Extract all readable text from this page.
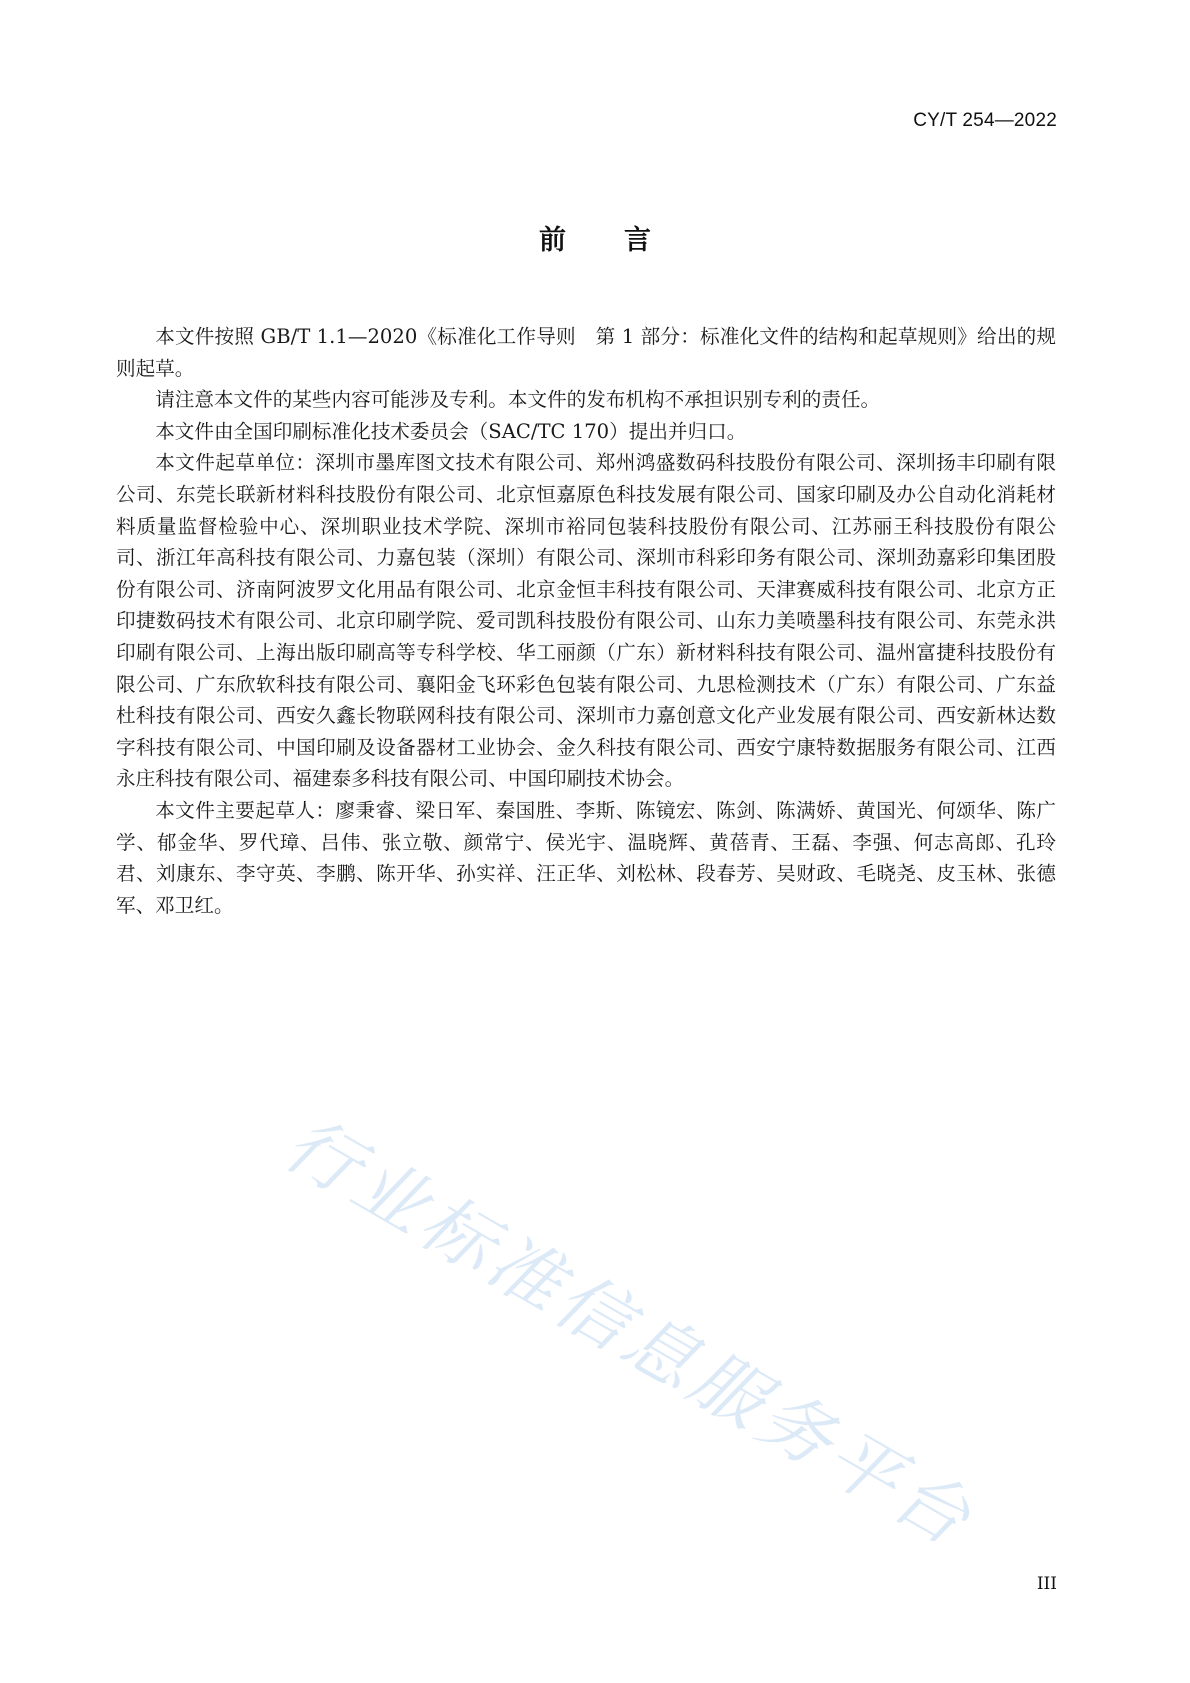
CY/T 254—2022
前言

本文件按照 GB/T 1.1—2020《标准化工作导则　第 1 部分：标准化文件的结构和起草规则》给出的规则起草。

请注意本文件的某些内容可能涉及专利。本文件的发布机构不承担识别专利的责任。

本文件由全国印刷标准化技术委员会（SAC/TC 170）提出并归口。

本文件起草单位：深圳市墨库图文技术有限公司、郑州鸿盛数码科技股份有限公司、深圳扬丰印刷有限公司、东莞长联新材料科技股份有限公司、北京恒嘉原色科技发展有限公司、国家印刷及办公自动化消耗材料质量监督检验中心、深圳职业技术学院、深圳市裕同包装科技股份有限公司、江苏丽王科技股份有限公司、浙江年高科技有限公司、力嘉包装（深圳）有限公司、深圳市科彩印务有限公司、深圳劲嘉彩印集团股份有限公司、济南阿波罗文化用品有限公司、北京金恒丰科技有限公司、天津赛威科技有限公司、北京方正印捷数码技术有限公司、北京印刷学院、爱司凯科技股份有限公司、山东力美喷墨科技有限公司、东莞永洪印刷有限公司、上海出版印刷高等专科学校、华工丽颜（广东）新材料科技有限公司、温州富捷科技股份有限公司、广东欣软科技有限公司、襄阳金飞环彩色包装有限公司、九思检测技术（广东）有限公司、广东益杜科技有限公司、西安久鑫长物联网科技有限公司、深圳市力嘉创意文化产业发展有限公司、西安新林达数字科技有限公司、中国印刷及设备器材工业协会、金久科技有限公司、西安宁康特数据服务有限公司、江西永庄科技有限公司、福建泰多科技有限公司、中国印刷技术协会。

本文件主要起草人：廖秉睿、梁日军、秦国胜、李斯、陈镜宏、陈剑、陈满娇、黄国光、何颂华、陈广学、郁金华、罗代璋、吕伟、张立敬、颜常宁、侯光宇、温晓辉、黄蓓青、王磊、李强、何志高郎、孔玲君、刘康东、李守英、李鹏、陈开华、孙实祥、汪正华、刘松林、段春芳、吴财政、毛晓尧、皮玉林、张德军、邓卫红。

行业标准信息服务平台
III
